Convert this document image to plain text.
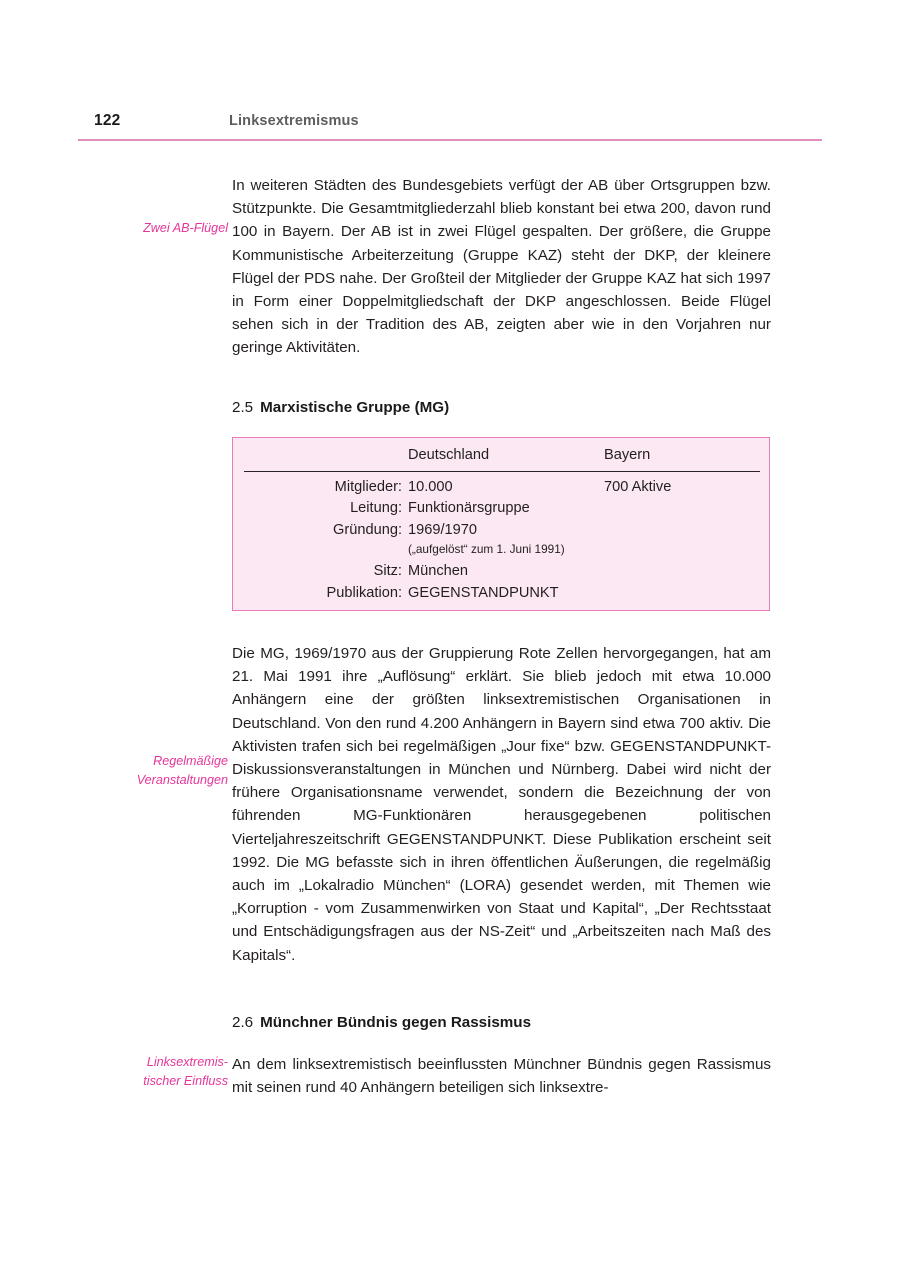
122	Linksextremismus
Zwei AB-Flügel
Regelmäßige
Veranstaltungen
Linksextremis-
tischer Einfluss

In weiteren Städten des Bundesgebiets verfügt der AB über Ortsgruppen bzw. Stützpunkte. Die Gesamtmitgliederzahl blieb konstant bei etwa 200, davon rund 100 in Bayern. Der AB ist in zwei Flügel gespalten. Der größere, die Gruppe Kommunistische Arbeiterzeitung (Gruppe KAZ) steht der DKP, der kleinere Flügel der PDS nahe. Der Großteil der Mitglieder der Gruppe KAZ hat sich 1997 in Form einer Doppelmitgliedschaft der DKP angeschlossen. Beide Flügel sehen sich in der Tradition des AB, zeigten aber wie in den Vorjahren nur geringe Aktivitäten.

2.5 Marxistische Gruppe (MG)
	Deutschland	Bayern

Mitglieder:	10.000	700 Aktive
Leitung:	Funktionärsgruppe	
Gründung:	1969/1970
(„aufgelöst“ zum 1. Juni 1991)	

Sitz:	München	
Publikation:	GEGENSTANDPUNKT	

Die MG, 1969/1970 aus der Gruppierung Rote Zellen hervorgegangen, hat am 21. Mai 1991 ihre „Auflösung“ erklärt. Sie blieb jedoch mit etwa 10.000 Anhängern eine der größten linksextremistischen Organisationen in Deutschland. Von den rund 4.200 Anhängern in Bayern sind etwa 700 aktiv. Die Aktivisten trafen sich bei regelmäßigen „Jour fixe“ bzw. GEGENSTANDPUNKT-Diskussionsveranstaltungen in München und Nürnberg. Dabei wird nicht der frühere Organisationsname verwendet, sondern die Bezeichnung der von führenden MG-Funktionären herausgegebenen politischen Vierteljahreszeitschrift GEGENSTANDPUNKT. Diese Publikation erscheint seit 1992. Die MG befasste sich in ihren öffentlichen Äußerungen, die regelmäßig auch im „Lokalradio München“ (LORA) gesendet werden, mit Themen wie „Korruption - vom Zusammenwirken von Staat und Kapital“, „Der Rechtsstaat und Entschädigungsfragen aus der NS-Zeit“ und „Arbeitszeiten nach Maß des Kapitals“.

2.6 Münchner Bündnis gegen Rassismus

An dem linksextremistisch beeinflussten Münchner Bündnis gegen Rassismus mit seinen rund 40 Anhängern beteiligen sich linksextre-
